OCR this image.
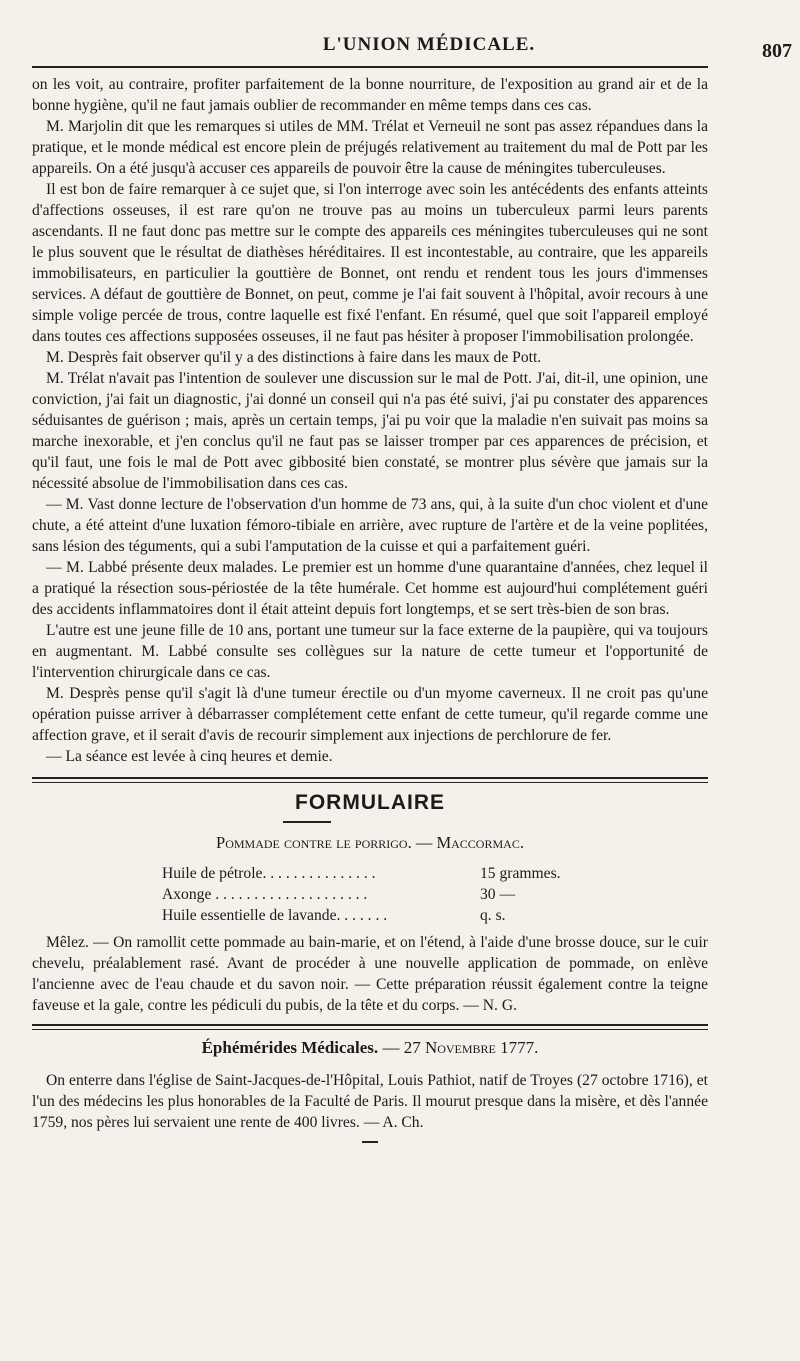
L'UNION MÉDICALE.	807

on les voit, au contraire, profiter parfaitement de la bonne nourriture, de l'exposition au grand air et de la bonne hygiène, qu'il ne faut jamais oublier de recommander en même temps dans ces cas.

M. Marjolin dit que les remarques si utiles de MM. Trélat et Verneuil ne sont pas assez répandues dans la pratique, et le monde médical est encore plein de préjugés relativement au traitement du mal de Pott par les appareils. On a été jusqu'à accuser ces appareils de pouvoir être la cause de méningites tuberculeuses.

Il est bon de faire remarquer à ce sujet que, si l'on interroge avec soin les antécédents des enfants atteints d'affections osseuses, il est rare qu'on ne trouve pas au moins un tuberculeux parmi leurs parents ascendants. Il ne faut donc pas mettre sur le compte des appareils ces méningites tuberculeuses qui ne sont le plus souvent que le résultat de diathèses héréditaires. Il est incontestable, au contraire, que les appareils immobilisateurs, en particulier la gouttière de Bonnet, ont rendu et rendent tous les jours d'immenses services. A défaut de gouttière de Bonnet, on peut, comme je l'ai fait souvent à l'hôpital, avoir recours à une simple volige percée de trous, contre laquelle est fixé l'enfant. En résumé, quel que soit l'appareil employé dans toutes ces affections supposées osseuses, il ne faut pas hésiter à proposer l'immobilisation prolongée.

M. Desprès fait observer qu'il y a des distinctions à faire dans les maux de Pott.

M. Trélat n'avait pas l'intention de soulever une discussion sur le mal de Pott. J'ai, dit-il, une opinion, une conviction, j'ai fait un diagnostic, j'ai donné un conseil qui n'a pas été suivi, j'ai pu constater des apparences séduisantes de guérison ; mais, après un certain temps, j'ai pu voir que la maladie n'en suivait pas moins sa marche inexorable, et j'en conclus qu'il ne faut pas se laisser tromper par ces apparences de précision, et qu'il faut, une fois le mal de Pott avec gibbosité bien constaté, se montrer plus sévère que jamais sur la nécessité absolue de l'immobilisation dans ces cas.

— M. Vast donne lecture de l'observation d'un homme de 73 ans, qui, à la suite d'un choc violent et d'une chute, a été atteint d'une luxation fémoro-tibiale en arrière, avec rupture de l'artère et de la veine poplitées, sans lésion des téguments, qui a subi l'amputation de la cuisse et qui a parfaitement guéri.

— M. Labbé présente deux malades. Le premier est un homme d'une quarantaine d'années, chez lequel il a pratiqué la résection sous-périostée de la tête humérale. Cet homme est aujourd'hui complétement guéri des accidents inflammatoires dont il était atteint depuis fort longtemps, et se sert très-bien de son bras.

L'autre est une jeune fille de 10 ans, portant une tumeur sur la face externe de la paupière, qui va toujours en augmentant. M. Labbé consulte ses collègues sur la nature de cette tumeur et l'opportunité de l'intervention chirurgicale dans ce cas.

M. Desprès pense qu'il s'agit là d'une tumeur érectile ou d'un myome caverneux. Il ne croit pas qu'une opération puisse arriver à débarrasser complétement cette enfant de cette tumeur, qu'il regarde comme une affection grave, et il serait d'avis de recourir simplement aux injections de perchlorure de fer.

— La séance est levée à cinq heures et demie.

FORMULAIRE
Pommade contre le porrigo. — Maccormac.
Huile de pétrole. . . . . . . . . . . . . . .	15 grammes.
Axonge . . . . . . . . . . . . . . . . . . . .	30 —
Huile essentielle de lavande. . . . . . .	q. s.

Mêlez. — On ramollit cette pommade au bain-marie, et on l'étend, à l'aide d'une brosse douce, sur le cuir chevelu, préalablement rasé. Avant de procéder à une nouvelle application de pommade, on enlève l'ancienne avec de l'eau chaude et du savon noir. — Cette préparation réussit également contre la teigne faveuse et la gale, contre les pédiculi du pubis, de la tête et du corps. — N. G.

Éphémérides Médicales. — 27 Novembre 1777.

On enterre dans l'église de Saint-Jacques-de-l'Hôpital, Louis Pathiot, natif de Troyes (27 octobre 1716), et l'un des médecins les plus honorables de la Faculté de Paris. Il mourut presque dans la misère, et dès l'année 1759, nos pères lui servaient une rente de 400 livres. — A. Ch.
